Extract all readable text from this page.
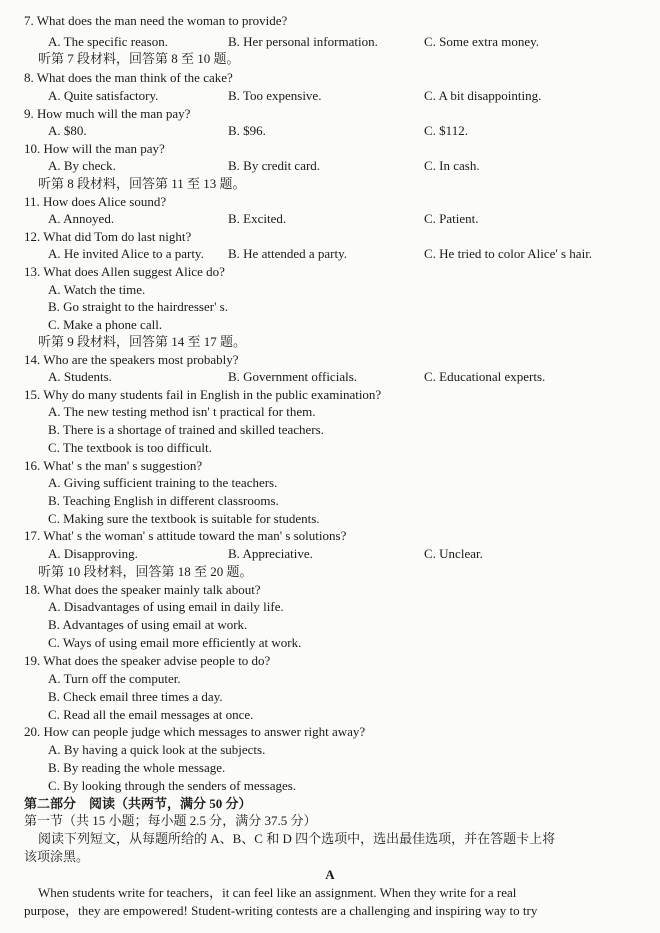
7. What does the man need the woman to provide?
A. The specific reason.	B. Her personal information.	C. Some extra money.
听第 7 段材料，回答第 8 至 10 题。
8. What does the man think of the cake?
A. Quite satisfactory.	B. Too expensive.	C. A bit disappointing.
9. How much will the man pay?
A. $80.	B. $96.	C. $112.
10. How will the man pay?
A. By check.	B. By credit card.	C. In cash.
听第 8 段材料，回答第 11 至 13 题。
11. How does Alice sound?
A. Annoyed.	B. Excited.	C. Patient.
12. What did Tom do last night?
A. He invited Alice to a party. B. He attended a party.	C. He tried to color Alice' s hair.
13. What does Allen suggest Alice do?
A. Watch the time.
B. Go straight to the hairdresser' s.
C. Make a phone call.
听第 9 段材料，回答第 14 至 17 题。
14. Who are the speakers most probably?
A. Students.	B. Government officials.	C. Educational experts.
15. Why do many students fail in English in the public examination?
A. The new testing method isn' t practical for them.
B. There is a shortage of trained and skilled teachers.
C. The textbook is too difficult.
16. What' s the man' s suggestion?
A. Giving sufficient training to the teachers.
B. Teaching English in different classrooms.
C. Making sure the textbook is suitable for students.
17. What' s the woman' s attitude toward the man' s solutions?
A. Disapproving.	B. Appreciative.	C. Unclear.
听第 10 段材料，回答第 18 至 20 题。
18. What does the speaker mainly talk about?
A. Disadvantages of using email in daily life.
B. Advantages of using email at work.
C. Ways of using email more efficiently at work.
19. What does the speaker advise people to do?
A. Turn off the computer.
B. Check email three times a day.
C. Read all the email messages at once.
20. How can people judge which messages to answer right away?
A. By having a quick look at the subjects.
B. By reading the whole message.
C. By looking through the senders of messages.
第二部分　阅读（共两节，满分 50 分）
第一节（共 15 小题；每小题 2.5 分，满分 37.5 分）
阅读下列短文，从每题所给的 A、B、C 和 D 四个选项中，选出最佳选项，并在答题卡上将
该项涂黑。
A
When students write for teachers，it can feel like an assignment. When they write for a real
purpose，they are empowered! Student-writing contests are a challenging and inspiring way to try
